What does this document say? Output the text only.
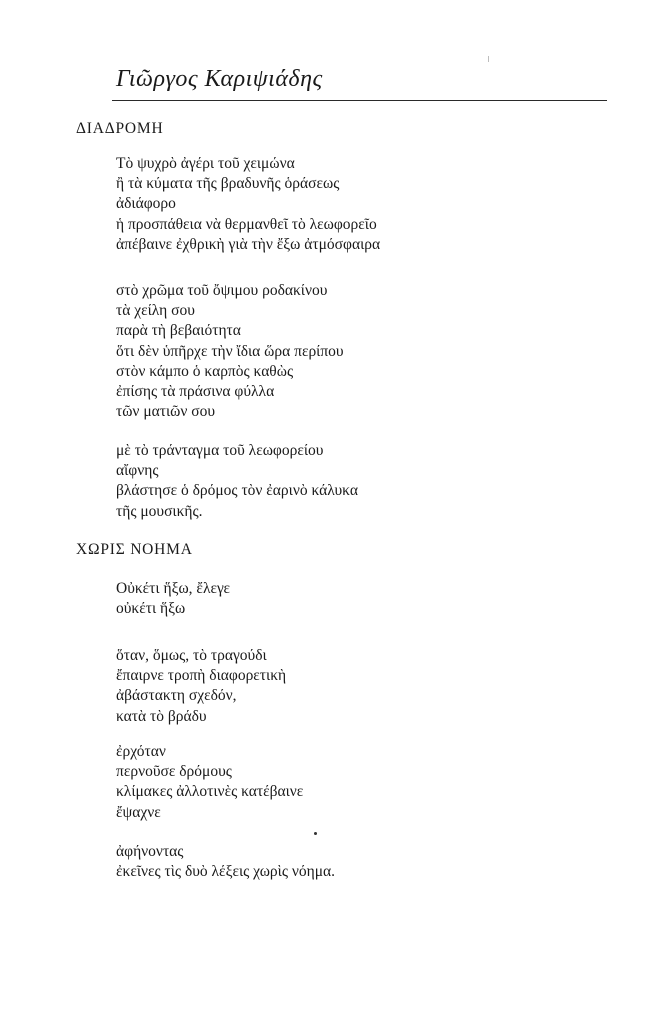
Γιῶργος Καριψιάδης
ΔΙΑΔΡΟΜΗ
Τὸ ψυχρὸ ἀγέρι τοῦ χειμώνα
ἢ τὰ κύματα τῆς βραδυνῆς ὁράσεως
ἀδιάφορο
ἡ προσπάθεια νὰ θερμανθεῖ τὸ λεωφορεῖο
ἀπέβαινε ἐχθρικὴ γιὰ τὴν ἔξω ἀτμόσφαιρα
στὸ χρῶμα τοῦ ὄψιμου ροδακίνου
τὰ χείλη σου
παρὰ τὴ βεβαιότητα
ὅτι δὲν ὑπῆρχε τὴν ἴδια ὥρα περίπου
στὸν κάμπο ὁ καρπὸς καθὼς
ἐπίσης τὰ πράσινα φύλλα
τῶν ματιῶν σου
μὲ τὸ τράνταγμα τοῦ λεωφορείου
αἴφνης
βλάστησε ὁ δρόμος τὸν ἐαρινὸ κάλυκα
τῆς μουσικῆς.
ΧΩΡΙΣ ΝΟΗΜΑ
Οὐκέτι ἥξω, ἔλεγε
οὐκέτι ἥξω
ὅταν, ὅμως, τὸ τραγούδι
ἔπαιρνε τροπὴ διαφορετικὴ
ἀβάστακτη σχεδόν,
κατὰ τὸ βράδυ
ἐρχόταν
περνοῦσε δρόμους
κλίμακες ἀλλοτινὲς κατέβαινε
ἔψαχνε
ἀφήνοντας
ἐκεῖνες τὶς δυὸ λέξεις χωρὶς νόημα.
